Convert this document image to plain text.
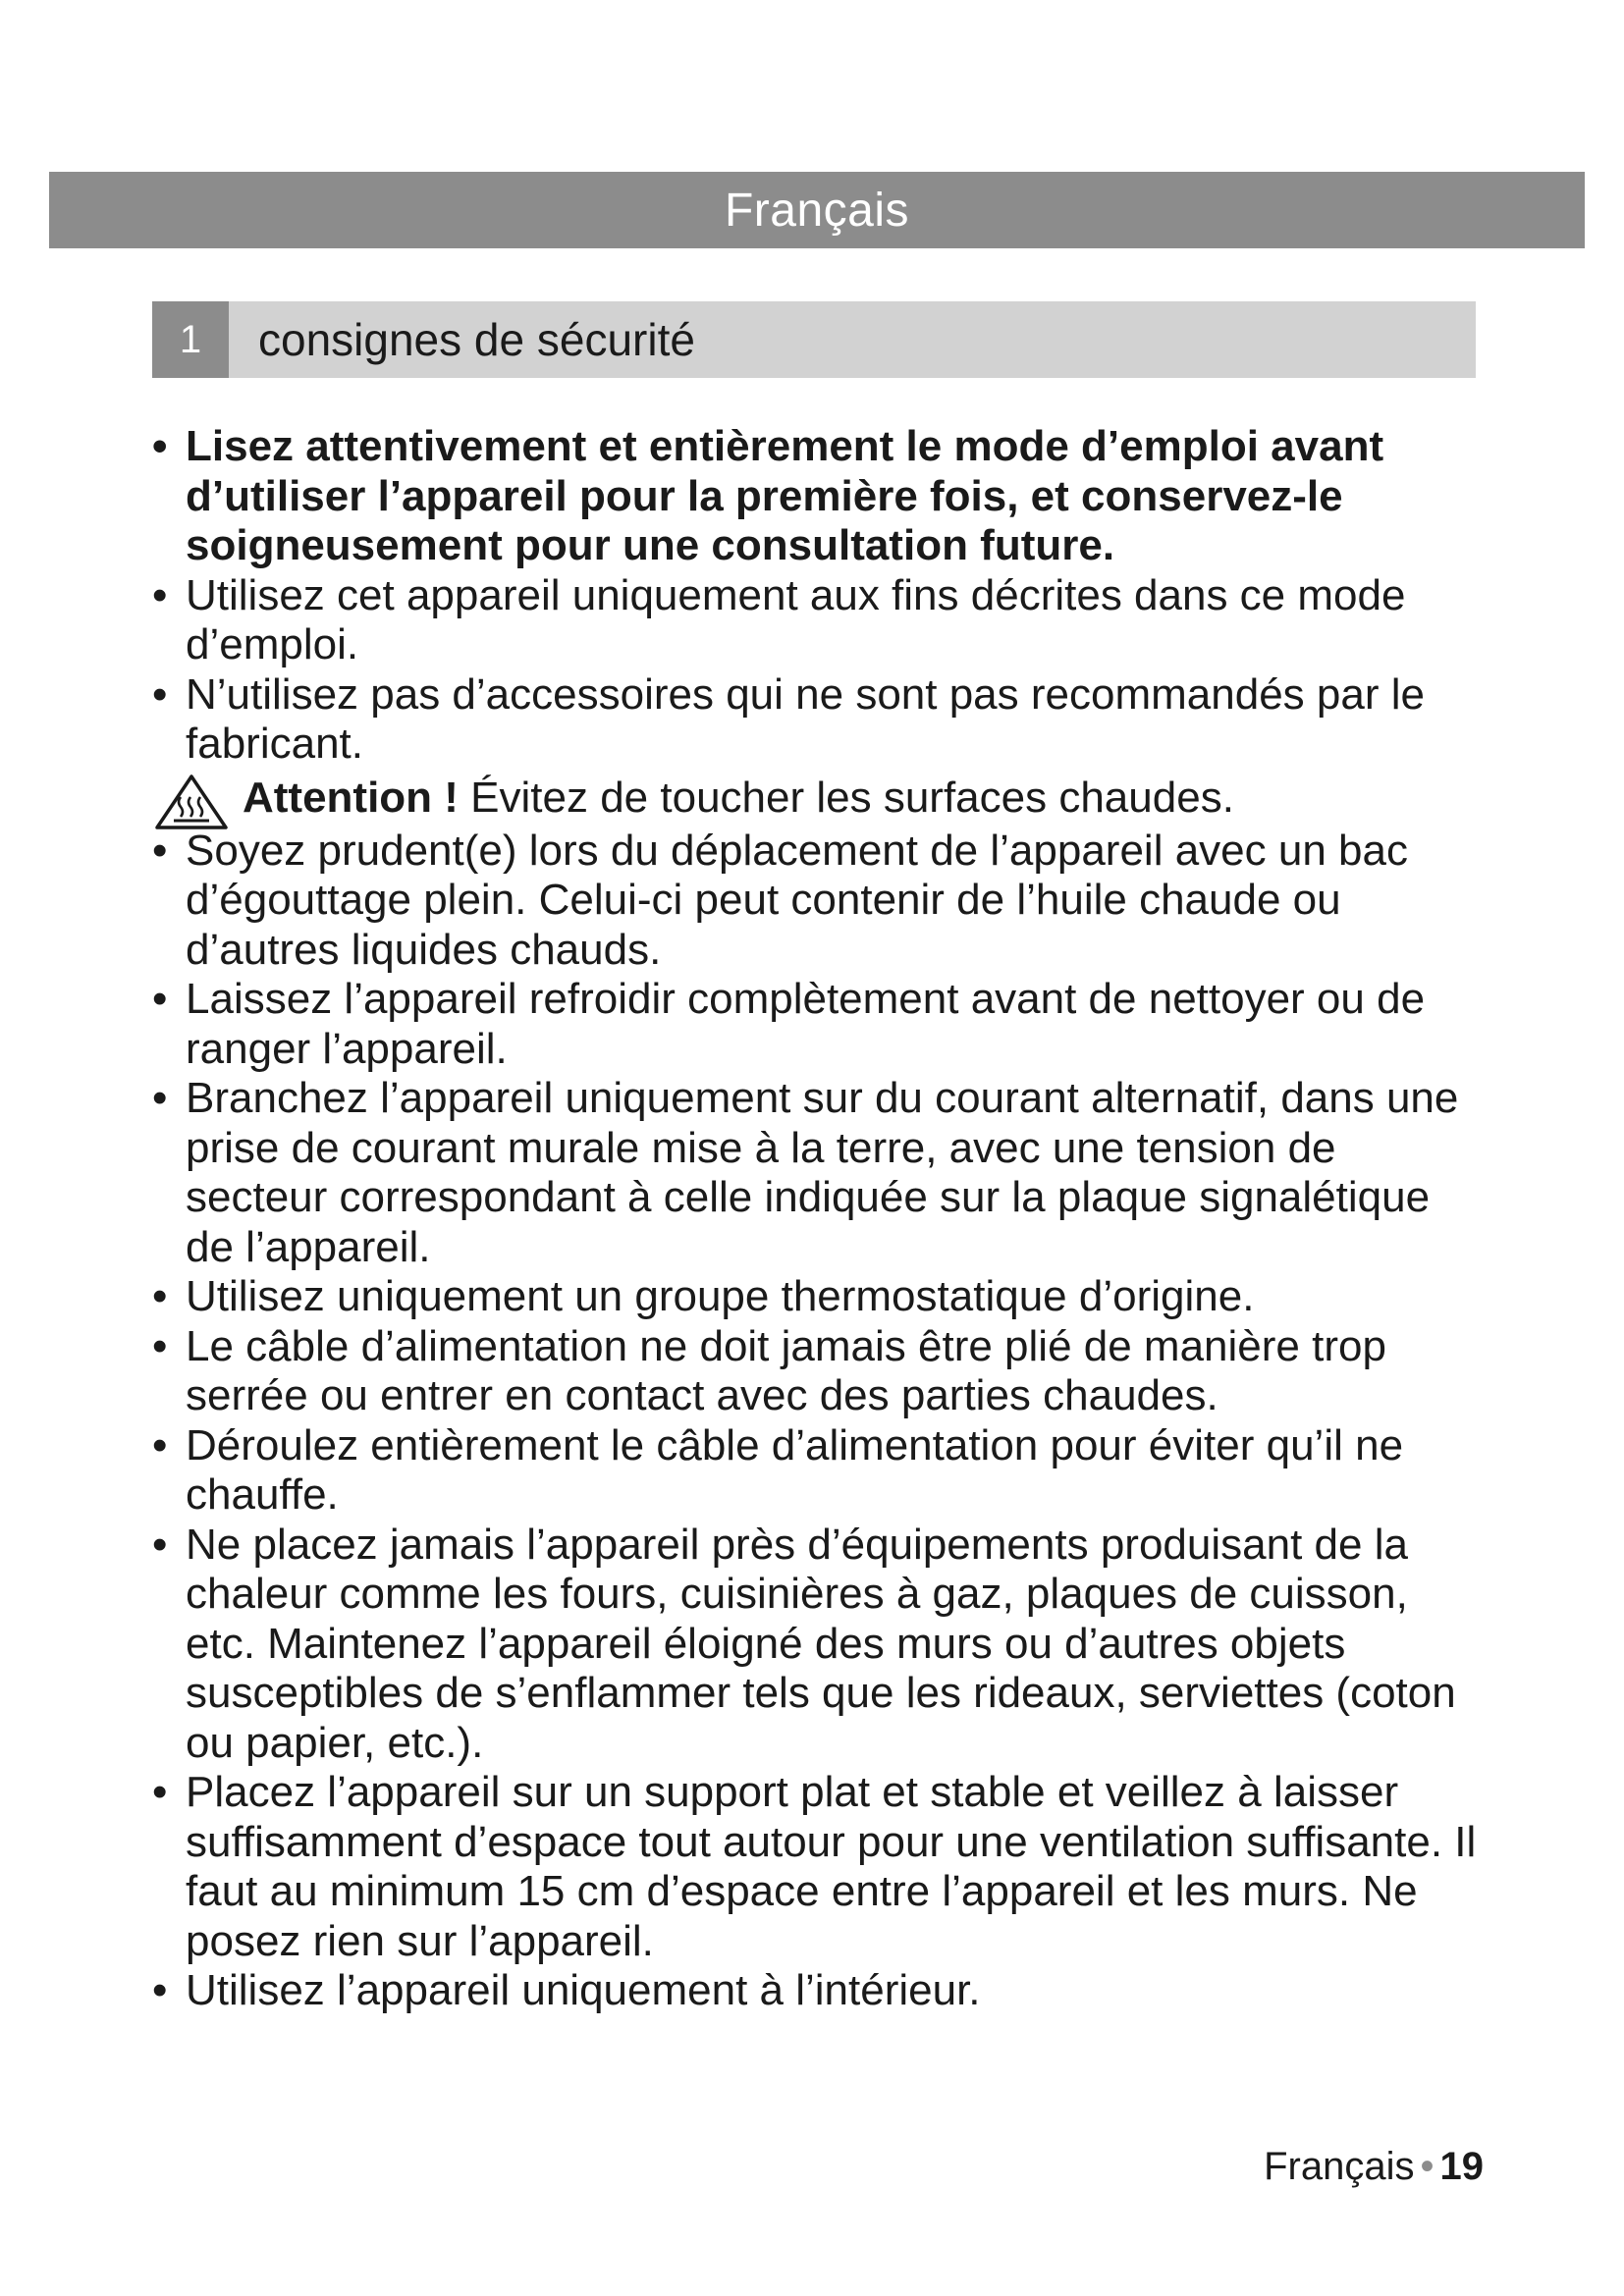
Français
1	consignes de sécurité
• Lisez attentivement et entièrement le mode d’emploi avant d’utiliser l’appareil pour la première fois, et conservez-le soigneusement pour une consultation future.
• Utilisez cet appareil uniquement aux fins décrites dans ce mode d’emploi.
• N’utilisez pas d’accessoires qui ne sont pas recommandés par le fabricant.
Attention ! Évitez de toucher les surfaces chaudes.
• Soyez prudent(e) lors du déplacement de l’appareil avec un bac d’égouttage plein. Celui-ci peut contenir de l’huile chaude ou d’autres liquides chauds.
• Laissez l’appareil refroidir complètement avant de nettoyer ou de ranger l’appareil.
• Branchez l’appareil uniquement sur du courant alternatif, dans une prise de courant murale mise à la terre, avec une tension de secteur correspondant à celle indiquée sur la plaque signalétique de l’appareil.
• Utilisez uniquement un groupe thermostatique d’origine.
• Le câble d’alimentation ne doit jamais être plié de manière trop serrée ou entrer en contact avec des parties chaudes.
• Déroulez entièrement le câble d’alimentation pour éviter qu’il ne chauffe.
• Ne placez jamais l’appareil près d’équipements produisant de la chaleur comme les fours, cuisinières à gaz, plaques de cuisson, etc. Maintenez l’appareil éloigné des murs ou d’autres objets susceptibles de s’enflammer tels que les rideaux, serviettes (coton ou papier, etc.).
• Placez l’appareil sur un support plat et stable et veillez à laisser suffisamment d’espace tout autour pour une ventilation suffisante. Il faut au minimum 15 cm d’espace entre l’appareil et les murs. Ne posez rien sur l’appareil.
• Utilisez l’appareil uniquement à l’intérieur.
Français • 19
